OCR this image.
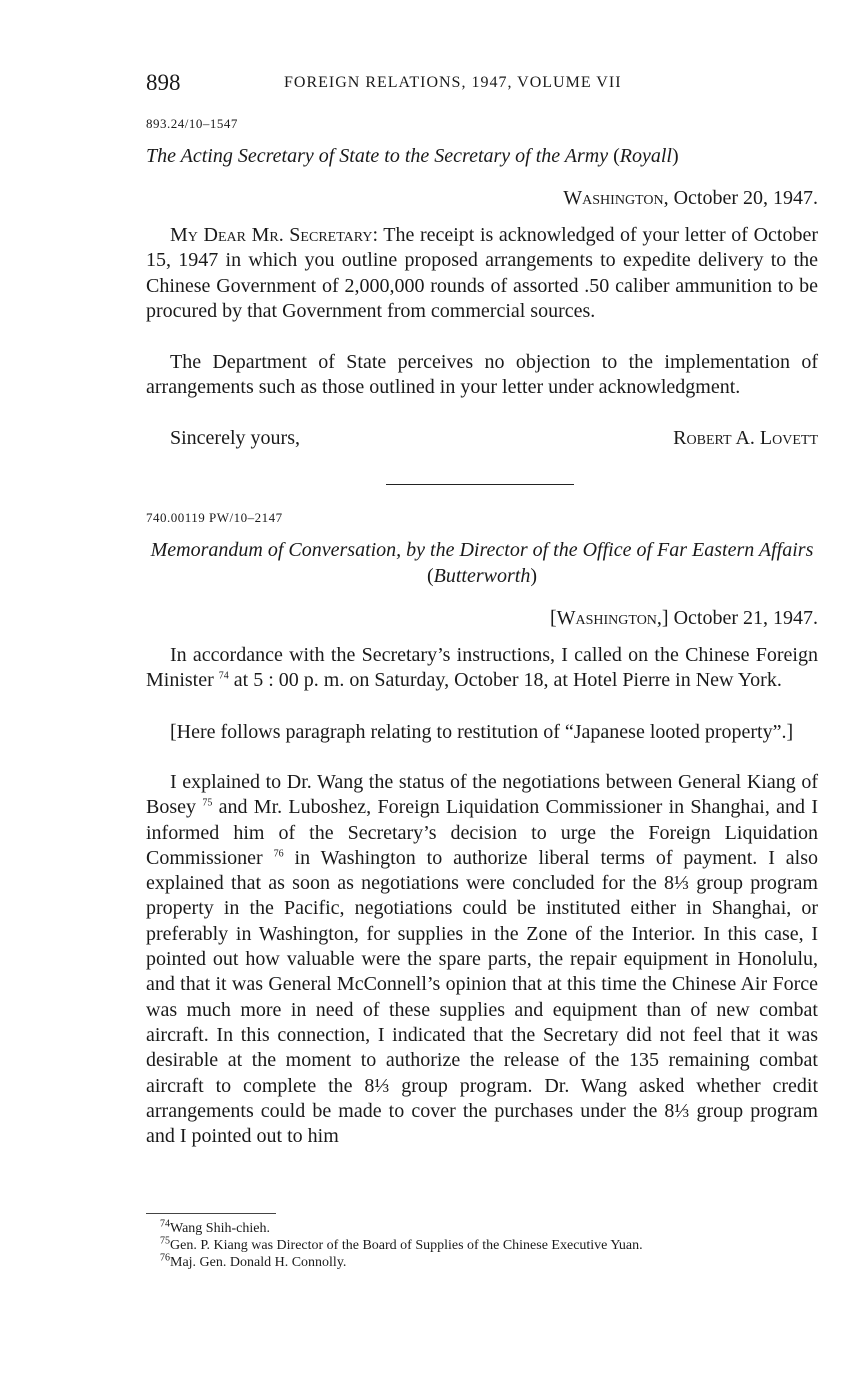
898	FOREIGN RELATIONS, 1947, VOLUME VII
893.24/10–1547
The Acting Secretary of State to the Secretary of the Army (Royall)
Washington, October 20, 1947.

My Dear Mr. Secretary: The receipt is acknowledged of your letter of October 15, 1947 in which you outline proposed arrangements to expedite delivery to the Chinese Government of 2,000,000 rounds of assorted .50 caliber ammunition to be procured by that Government from commercial sources.

The Department of State perceives no objection to the implementation of arrangements such as those outlined in your letter under acknowledgment.

Sincerely yours,	Robert A. Lovett
740.00119 PW/10–2147
Memorandum of Conversation, by the Director of the Office of Far Eastern Affairs (Butterworth)
[Washington,] October 21, 1947.

In accordance with the Secretary’s instructions, I called on the Chinese Foreign Minister $^{74}$ at 5 : 00 p. m. on Saturday, October 18, at Hotel Pierre in New York.

[Here follows paragraph relating to restitution of “Japanese looted property”.]

I explained to Dr. Wang the status of the negotiations between General Kiang of Bosey $^{75}$ and Mr. Luboshez, Foreign Liquidation Commissioner in Shanghai, and I informed him of the Secretary’s decision to urge the Foreign Liquidation Commissioner $^{76}$ in Washington to authorize liberal terms of payment. I also explained that as soon as negotiations were concluded for the 8⅓ group program property in the Pacific, negotiations could be instituted either in Shanghai, or preferably in Washington, for supplies in the Zone of the Interior. In this case, I pointed out how valuable were the spare parts, the repair equipment in Honolulu, and that it was General McConnell’s opinion that at this time the Chinese Air Force was much more in need of these supplies and equipment than of new combat aircraft. In this connection, I indicated that the Secretary did not feel that it was desirable at the moment to authorize the release of the 135 remaining combat aircraft to complete the 8⅓ group program. Dr. Wang asked whether credit arrangements could be made to cover the purchases under the 8⅓ group program and I pointed out to him

$^{74}$Wang Shih-chieh.

$^{75}$Gen. P. Kiang was Director of the Board of Supplies of the Chinese Executive Yuan.

$^{76}$Maj. Gen. Donald H. Connolly.
